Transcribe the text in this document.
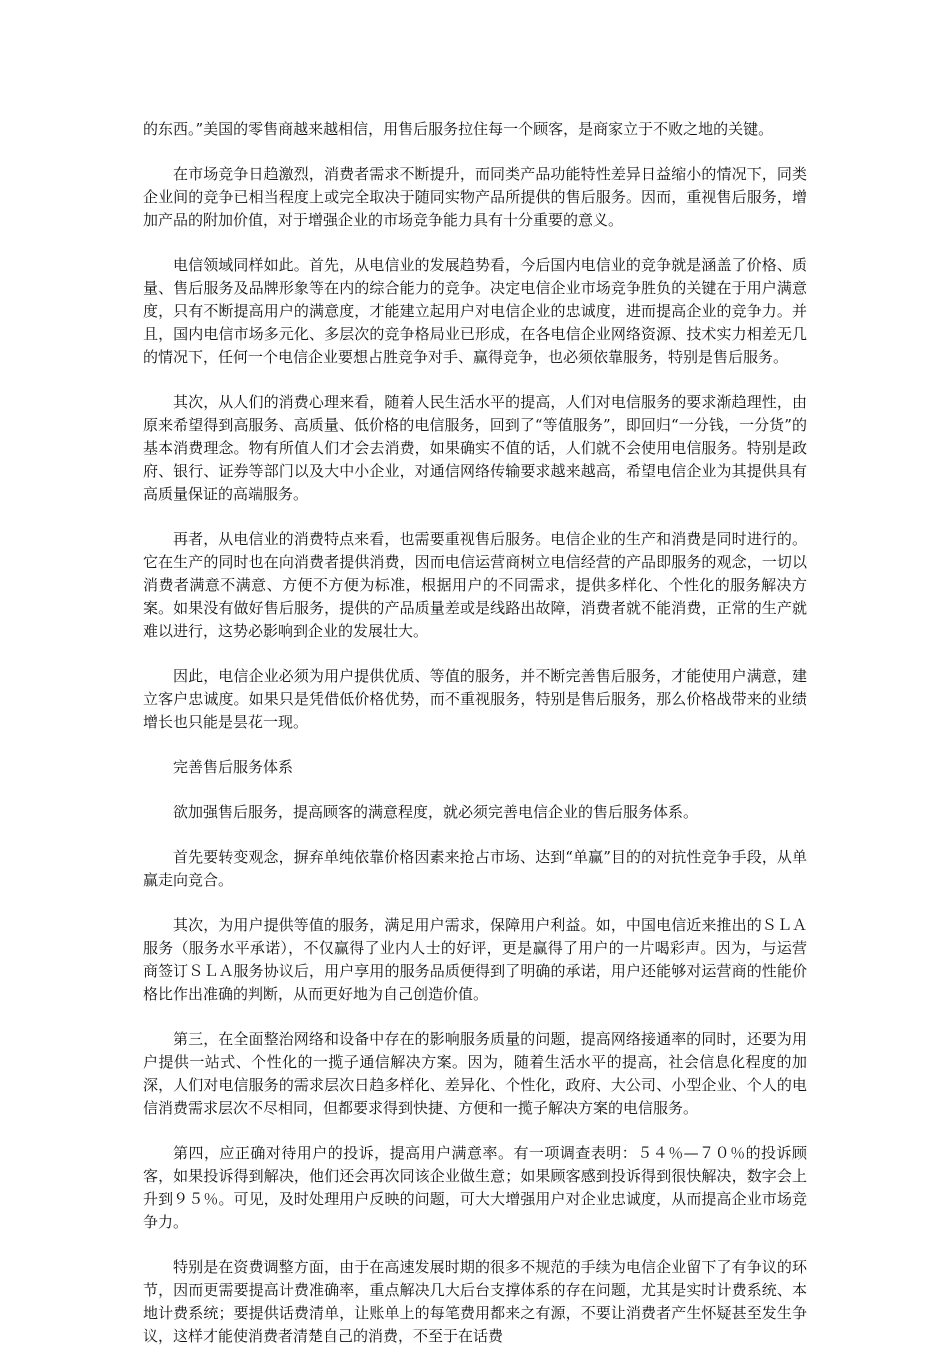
的东西。”美国的零售商越来越相信，用售后服务拉住每一个顾客，是商家立于不败之地的关键。

在市场竞争日趋激烈，消费者需求不断提升，而同类产品功能特性差异日益缩小的情况下，同类企业间的竞争已相当程度上或完全取决于随同实物产品所提供的售后服务。因而，重视售后服务，增加产品的附加价值，对于增强企业的市场竞争能力具有十分重要的意义。

电信领域同样如此。首先，从电信业的发展趋势看，今后国内电信业的竞争就是涵盖了价格、质量、售后服务及品牌形象等在内的综合能力的竞争。决定电信企业市场竞争胜负的关键在于用户满意度，只有不断提高用户的满意度，才能建立起用户对电信企业的忠诚度，进而提高企业的竞争力。并且，国内电信市场多元化、多层次的竞争格局业已形成，在各电信企业网络资源、技术实力相差无几的情况下，任何一个电信企业要想占胜竞争对手、赢得竞争，也必须依靠服务，特别是售后服务。

其次，从人们的消费心理来看，随着人民生活水平的提高，人们对电信服务的要求渐趋理性，由原来希望得到高服务、高质量、低价格的电信服务，回到了“等值服务”，即回归“一分钱，一分货”的基本消费理念。物有所值人们才会去消费，如果确实不值的话，人们就不会使用电信服务。特别是政府、银行、证券等部门以及大中小企业，对通信网络传输要求越来越高，希望电信企业为其提供具有高质量保证的高端服务。

再者，从电信业的消费特点来看，也需要重视售后服务。电信企业的生产和消费是同时进行的。它在生产的同时也在向消费者提供消费，因而电信运营商树立电信经营的产品即服务的观念，一切以消费者满意不满意、方便不方便为标准，根据用户的不同需求，提供多样化、个性化的服务解决方案。如果没有做好售后服务，提供的产品质量差或是线路出故障，消费者就不能消费，正常的生产就难以进行，这势必影响到企业的发展壮大。

因此，电信企业必须为用户提供优质、等值的服务，并不断完善售后服务，才能使用户满意，建立客户忠诚度。如果只是凭借低价格优势，而不重视服务，特别是售后服务，那么价格战带来的业绩增长也只能是昙花一现。

完善售后服务体系

欲加强售后服务，提高顾客的满意程度，就必须完善电信企业的售后服务体系。

首先要转变观念，摒弃单纯依靠价格因素来抢占市场、达到“单赢”目的的对抗性竞争手段，从单赢走向竞合。

其次，为用户提供等值的服务，满足用户需求，保障用户利益。如，中国电信近来推出的ＳＬＡ服务（服务水平承诺），不仅赢得了业内人士的好评，更是赢得了用户的一片喝彩声。因为，与运营商签订ＳＬＡ服务协议后，用户享用的服务品质便得到了明确的承诺，用户还能够对运营商的性能价格比作出准确的判断，从而更好地为自己创造价值。

第三，在全面整治网络和设备中存在的影响服务质量的问题，提高网络接通率的同时，还要为用户提供一站式、个性化的一揽子通信解决方案。因为，随着生活水平的提高，社会信息化程度的加深，人们对电信服务的需求层次日趋多样化、差异化、个性化，政府、大公司、小型企业、个人的电信消费需求层次不尽相同，但都要求得到快捷、方便和一揽子解决方案的电信服务。

第四，应正确对待用户的投诉，提高用户满意率。有一项调查表明：５４％—７０％的投诉顾客，如果投诉得到解决，他们还会再次同该企业做生意；如果顾客感到投诉得到很快解决，数字会上升到９５％。可见，及时处理用户反映的问题，可大大增强用户对企业忠诚度，从而提高企业市场竞争力。

特别是在资费调整方面，由于在高速发展时期的很多不规范的手续为电信企业留下了有争议的环节，因而更需要提高计费准确率，重点解决几大后台支撑体系的存在问题，尤其是实时计费系统、本地计费系统；要提供话费清单，让账单上的每笔费用都来之有源，不要让消费者产生怀疑甚至发生争议，这样才能使消费者清楚自己的消费，不至于在话费
